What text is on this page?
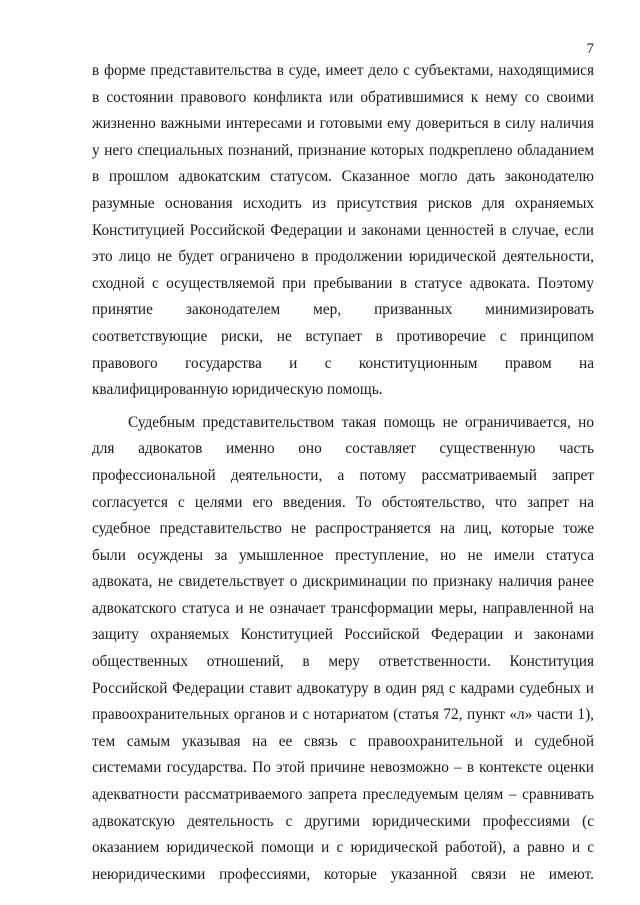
7
в форме представительства в суде, имеет дело с субъектами, находящимися
в состоянии правового конфликта или обратившимися к нему со своими
жизненно важными интересами и готовыми ему довериться в силу наличия
у него специальных познаний, признание которых подкреплено обладанием
в прошлом адвокатским статусом. Сказанное могло дать законодателю
разумные основания исходить из присутствия рисков для охраняемых
Конституцией Российской Федерации и законами ценностей в случае, если
это лицо не будет ограничено в продолжении юридической деятельности,
сходной с осуществляемой при пребывании в статусе адвоката. Поэтому
принятие законодателем мер, призванных минимизировать
соответствующие риски, не вступает в противоречие с принципом
правового государства и с конституционным правом на
квалифицированную юридическую помощь.
Судебным представительством такая помощь не ограничивается, но
для адвокатов именно оно составляет существенную часть
профессиональной деятельности, а потому рассматриваемый запрет
согласуется с целями его введения. То обстоятельство, что запрет на
судебное представительство не распространяется на лиц, которые тоже
были осуждены за умышленное преступление, но не имели статуса
адвоката, не свидетельствует о дискриминации по признаку наличия ранее
адвокатского статуса и не означает трансформации меры, направленной на
защиту охраняемых Конституцией Российской Федерации и законами
общественных отношений, в меру ответственности. Конституция
Российской Федерации ставит адвокатуру в один ряд с кадрами судебных и
правоохранительных органов и с нотариатом (статья 72, пункт «л» части 1),
тем самым указывая на ее связь с правоохранительной и судебной
системами государства. По этой причине невозможно – в контексте оценки
адекватности рассматриваемого запрета преследуемым целям – сравнивать
адвокатскую деятельность с другими юридическими профессиями (с
оказанием юридической помощи и с юридической работой), а равно и с
неюридическими профессиями, которые указанной связи не имеют.
